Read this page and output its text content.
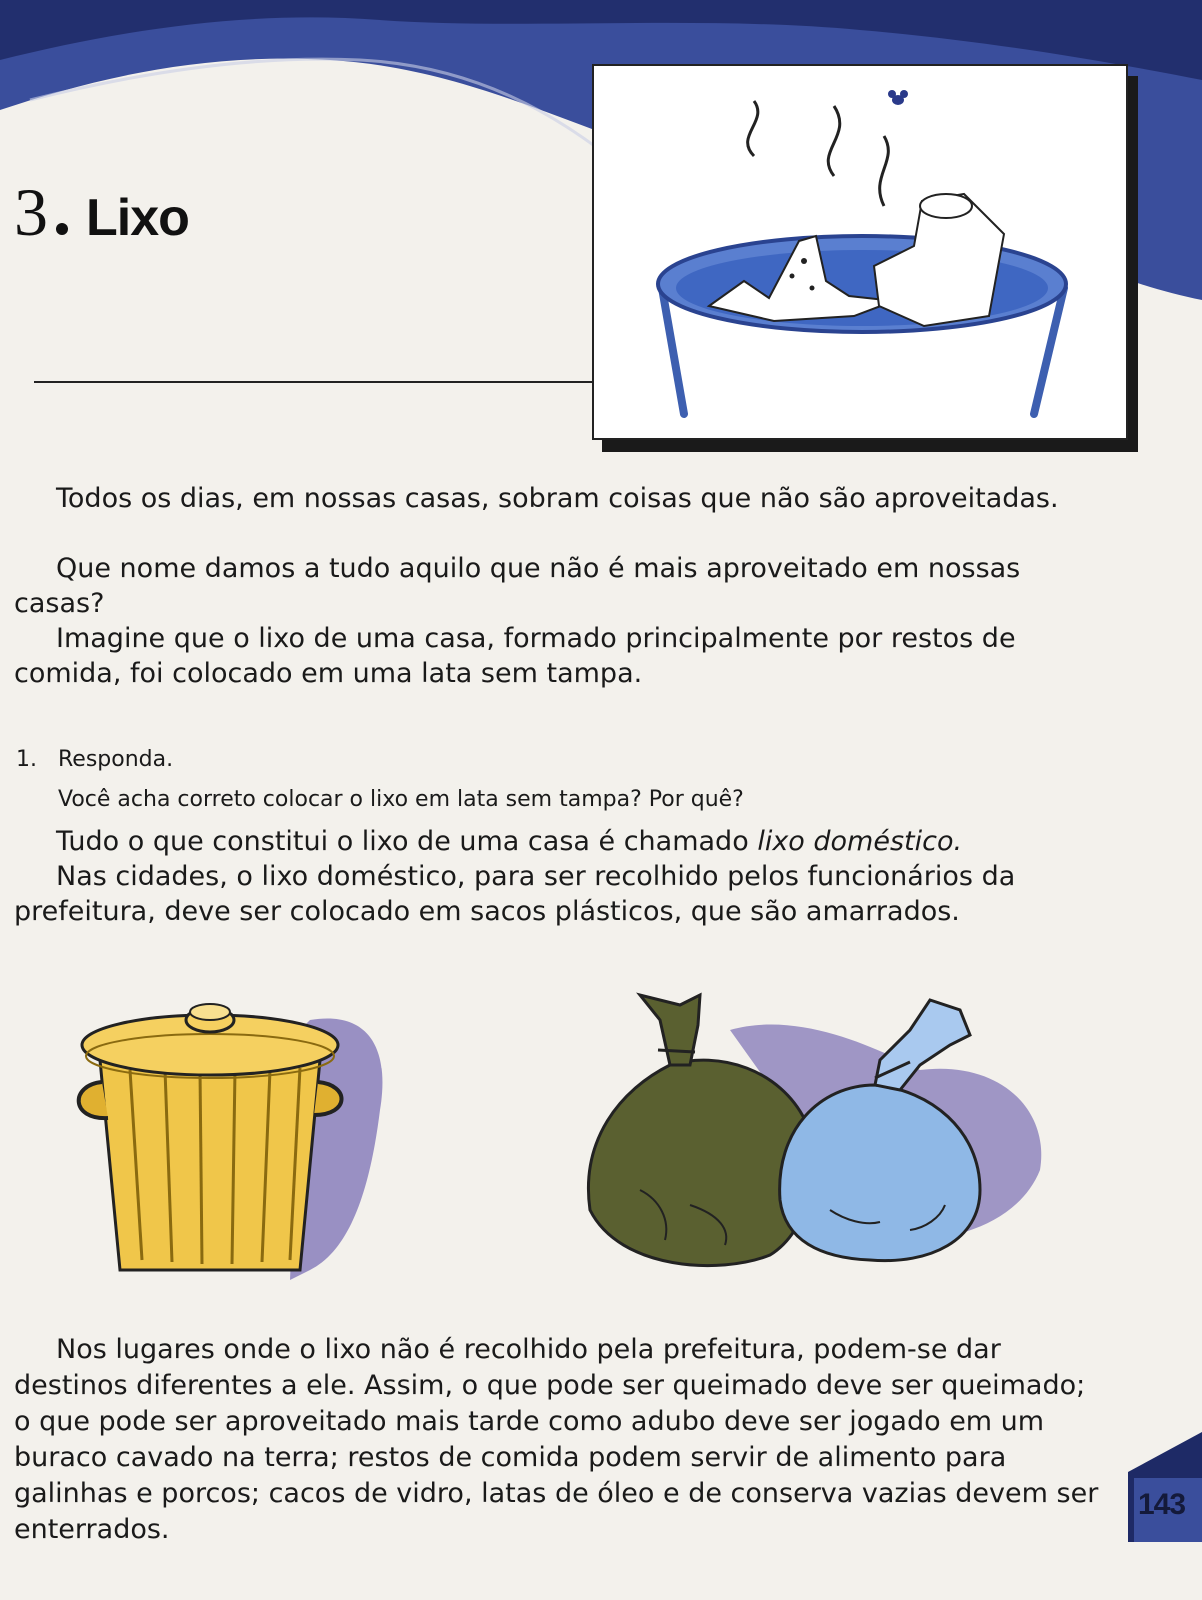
3 Lixo

Todos os dias, em nossas casas, sobram coisas que não são aproveitadas.

Que nome damos a tudo aquilo que não é mais aproveitado em nossas casas?

Imagine que o lixo de uma casa, formado principalmente por restos de comida, foi colocado em uma lata sem tampa.

1. Responda.
Você acha correto colocar o lixo em lata sem tampa? Por quê?

Tudo o que constitui o lixo de uma casa é chamado lixo doméstico.

Nas cidades, o lixo doméstico, para ser recolhido pelos funcionários da prefeitura, deve ser colocado em sacos plásticos, que são amarrados.

Nos lugares onde o lixo não é recolhido pela prefeitura, podem-se dar destinos diferentes a ele. Assim, o que pode ser queimado deve ser queimado; o que pode ser aproveitado mais tarde como adubo deve ser jogado em um buraco cavado na terra; restos de comida podem servir de alimento para galinhas e porcos; cacos de vidro, latas de óleo e de conserva vazias devem ser enterrados.

143
